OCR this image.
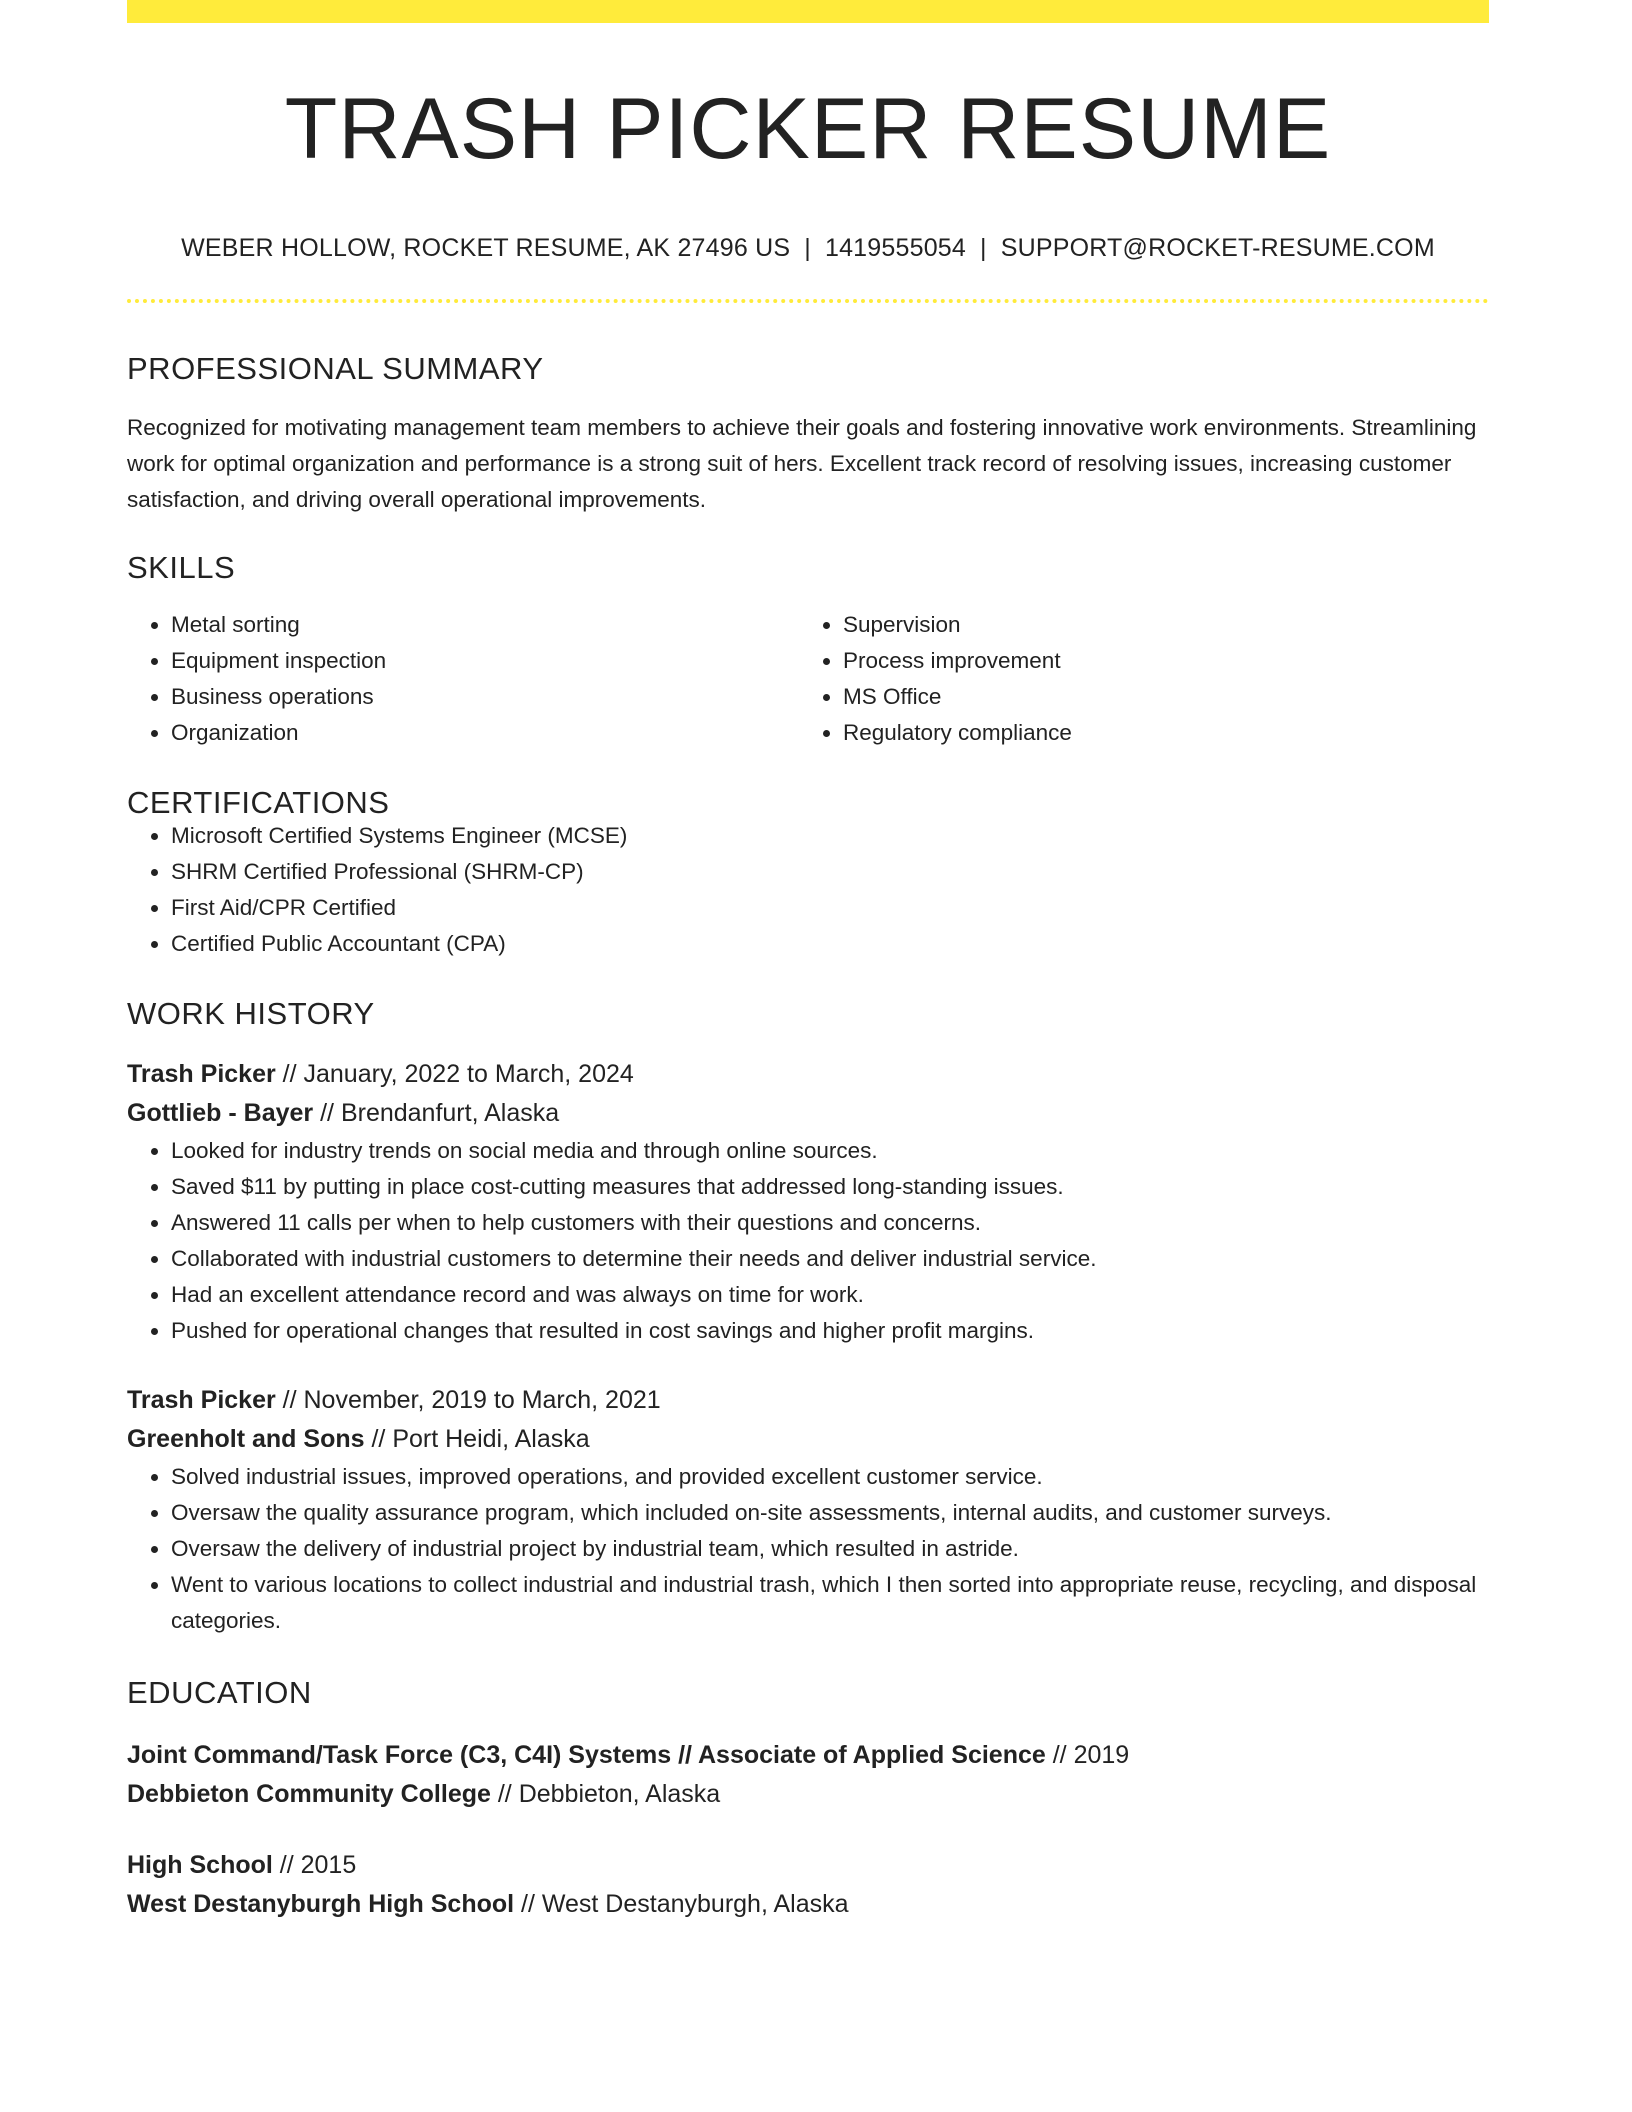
TRASH PICKER RESUME
WEBER HOLLOW, ROCKET RESUME, AK 27496 US | 1419555054 | SUPPORT@ROCKET-RESUME.COM
PROFESSIONAL SUMMARY

Recognized for motivating management team members to achieve their goals and fostering innovative work environments. Streamlining work for optimal organization and performance is a strong suit of hers. Excellent track record of resolving issues, increasing customer satisfaction, and driving overall operational improvements.

SKILLS
• Metal sorting
• Equipment inspection
• Business operations
• Organization
• Supervision
• Process improvement
• MS Office
• Regulatory compliance
CERTIFICATIONS
• Microsoft Certified Systems Engineer (MCSE)
• SHRM Certified Professional (SHRM-CP)
• First Aid/CPR Certified
• Certified Public Accountant (CPA)
WORK HISTORY
Trash Picker // January, 2022 to March, 2024
Gottlieb - Bayer // Brendanfurt, Alaska
• Looked for industry trends on social media and through online sources.
• Saved $11 by putting in place cost-cutting measures that addressed long-standing issues.
• Answered 11 calls per when to help customers with their questions and concerns.
• Collaborated with industrial customers to determine their needs and deliver industrial service.
• Had an excellent attendance record and was always on time for work.
• Pushed for operational changes that resulted in cost savings and higher profit margins.
Trash Picker // November, 2019 to March, 2021
Greenholt and Sons // Port Heidi, Alaska
• Solved industrial issues, improved operations, and provided excellent customer service.
• Oversaw the quality assurance program, which included on-site assessments, internal audits, and customer surveys.
• Oversaw the delivery of industrial project by industrial team, which resulted in astride.
• Went to various locations to collect industrial and industrial trash, which I then sorted into appropriate reuse, recycling, and disposal categories.
EDUCATION
Joint Command/Task Force (C3, C4I) Systems // Associate of Applied Science // 2019
Debbieton Community College // Debbieton, Alaska
High School // 2015
West Destanyburgh High School // West Destanyburgh, Alaska
